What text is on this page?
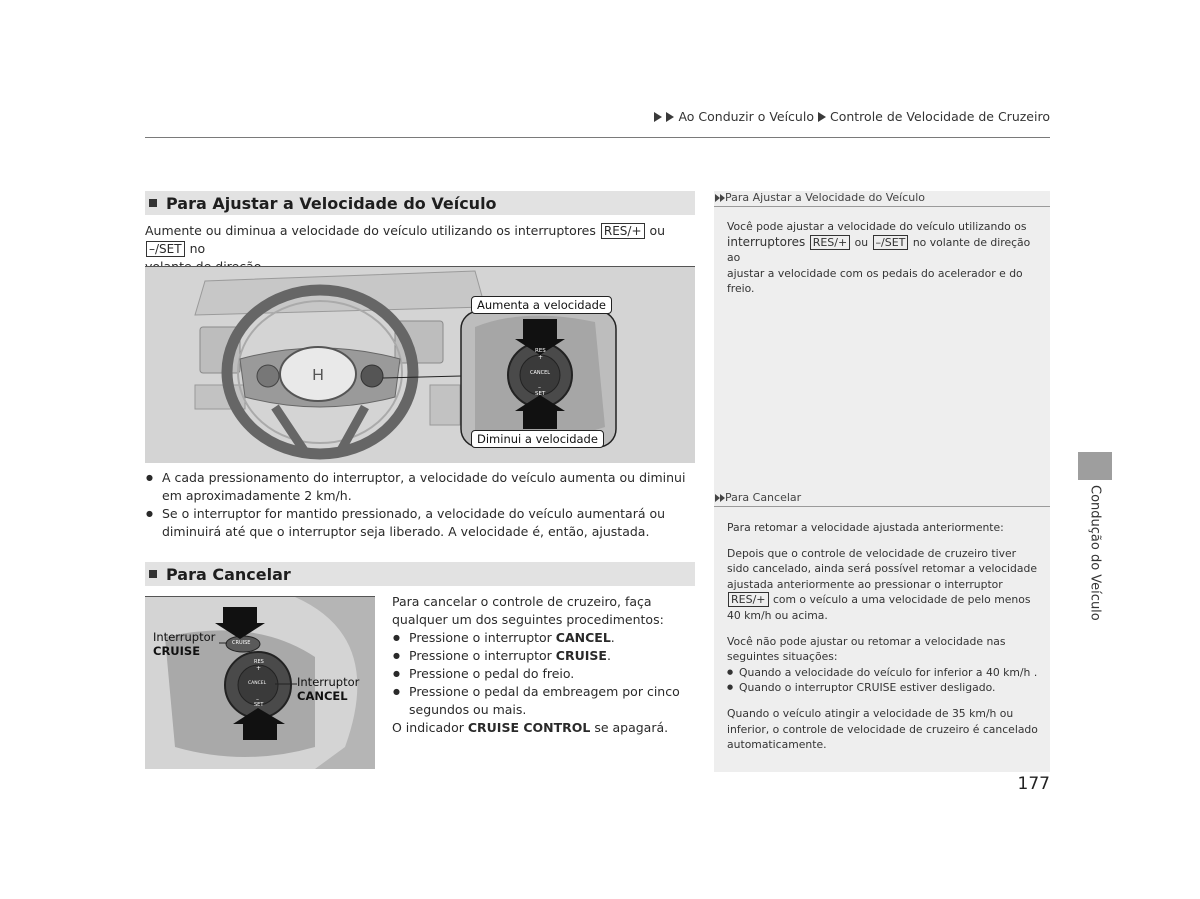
Ao Conduzir o Veículo Controle de Velocidade de Cruzeiro
Para Ajustar a Velocidade do Veículo
Aumente ou diminua a velocidade do veículo utilizando os interruptores RES/+ ou –/SET no

H
RES
+
CANCEL
–
SET
Aumenta a velocidade
Diminui a velocidade
● A cada pressionamento do interruptor, a velocidade do veículo aumenta ou diminui em aproximadamente 2 km/h.
● Se o interruptor for mantido pressionado, a velocidade do veículo aumentará ou diminuirá até que o interruptor seja liberado. A velocidade é, então, ajustada.
Para Cancelar
CRUISE
RES
+
CANCEL
–
SET
Interruptor
CRUISE
Interruptor
CANCEL
Para cancelar o controle de cruzeiro, faça qualquer um dos seguintes procedimentos:
● Pressione o interruptor CANCEL.
● Pressione o interruptor CRUISE.
● Pressione o pedal do freio.
● Pressione o pedal da embreagem por cinco segundos ou mais.
O indicador CRUISE CONTROL se apagará.
Para Ajustar a Velocidade do Veículo
Você pode ajustar a velocidade do veículo utilizando os
interruptores RES/+ ou –/SET no volante de direção ao
ajustar a velocidade com os pedais do acelerador e do freio.
Para Cancelar
Para retomar a velocidade ajustada anteriormente:
Depois que o controle de velocidade de cruzeiro tiver sido cancelado, ainda será possível retomar a velocidade ajustada anteriormente ao pressionar o interruptor RES/+ com o veículo a uma velocidade de pelo menos 40 km/h ou acima.
Você não pode ajustar ou retomar a velocidade nas seguintes situações:
● Quando a velocidade do veículo for inferior a 40 km/h .
● Quando o interruptor CRUISE estiver desligado.
Quando o veículo atingir a velocidade de 35 km/h ou inferior, o controle de velocidade de cruzeiro é cancelado automaticamente.
Condução do Veículo
177
